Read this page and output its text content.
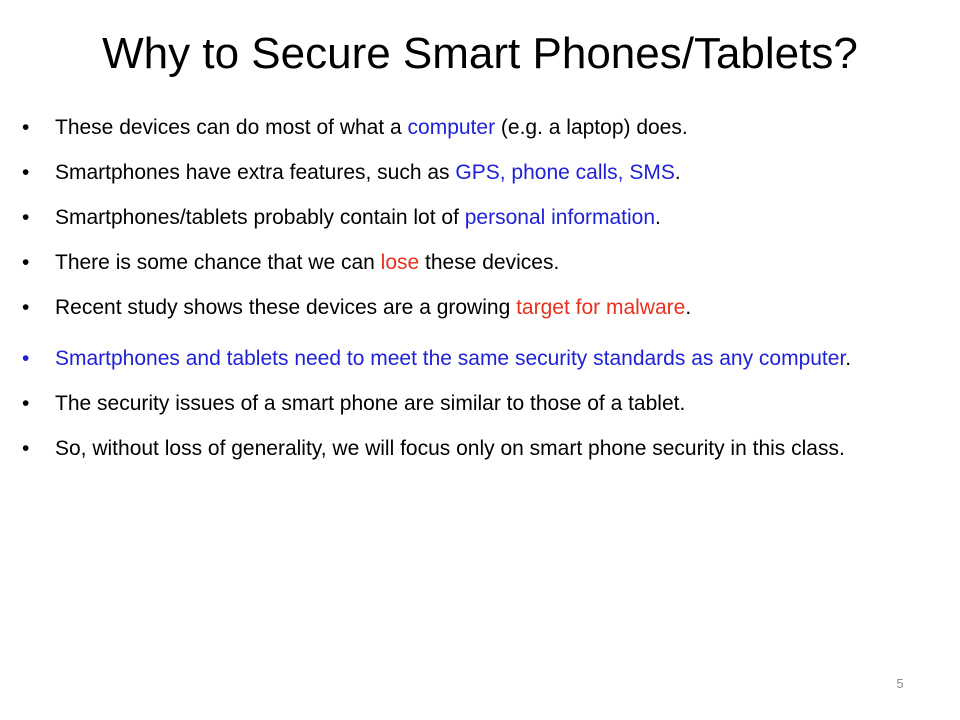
Why to Secure Smart Phones/Tablets?
•	These devices can do most of what a computer (e.g. a laptop) does.
•	Smartphones have extra features, such as GPS, phone calls, SMS.
•	Smartphones/tablets probably contain lot of personal information.
•	There is some chance that we can lose these devices.
•	Recent study shows these devices are a growing target for malware.
•	Smartphones and tablets need to meet the same security standards as any computer.
•	The security issues of a smart phone are similar to those of a tablet.
•	So, without loss of generality, we will focus only on smart phone security in this class.
5
